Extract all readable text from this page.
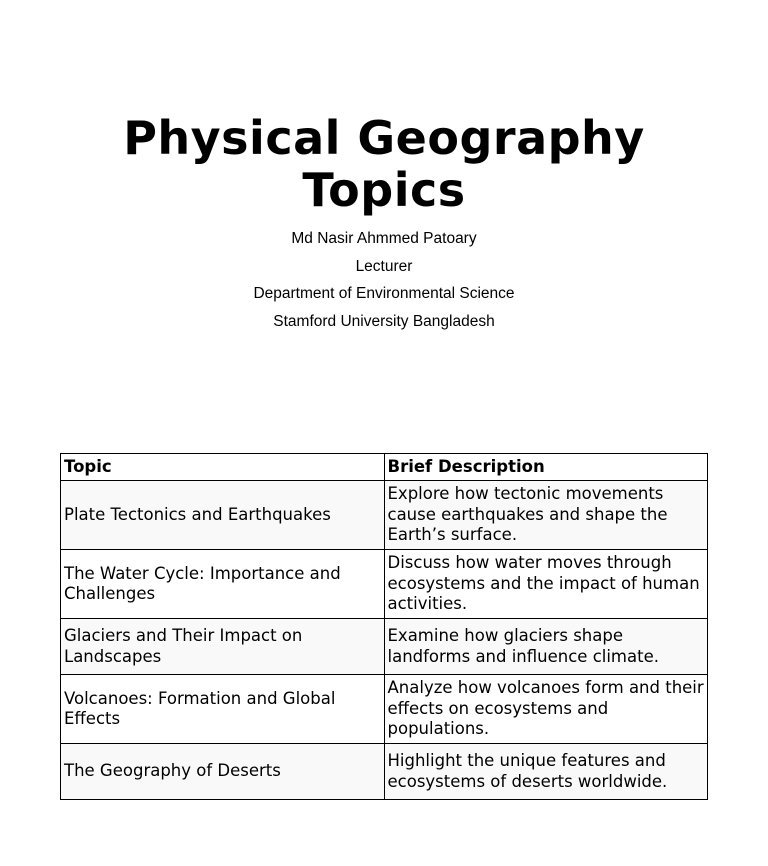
Physical Geography
Topics
Md Nasir Ahmmed Patoary
Lecturer
Department of Environmental Science
Stamford University Bangladesh
Topic	Brief Description
Plate Tectonics and Earthquakes	Explore how tectonic movements cause earthquakes and shape the Earth’s surface.
The Water Cycle: Importance and Challenges	Discuss how water moves through ecosystems and the impact of human activities.
Glaciers and Their Impact on Landscapes	Examine how glaciers shape landforms and influence climate.
Volcanoes: Formation and Global Effects	Analyze how volcanoes form and their effects on ecosystems and populations.
The Geography of Deserts	Highlight the unique features and ecosystems of deserts worldwide.
